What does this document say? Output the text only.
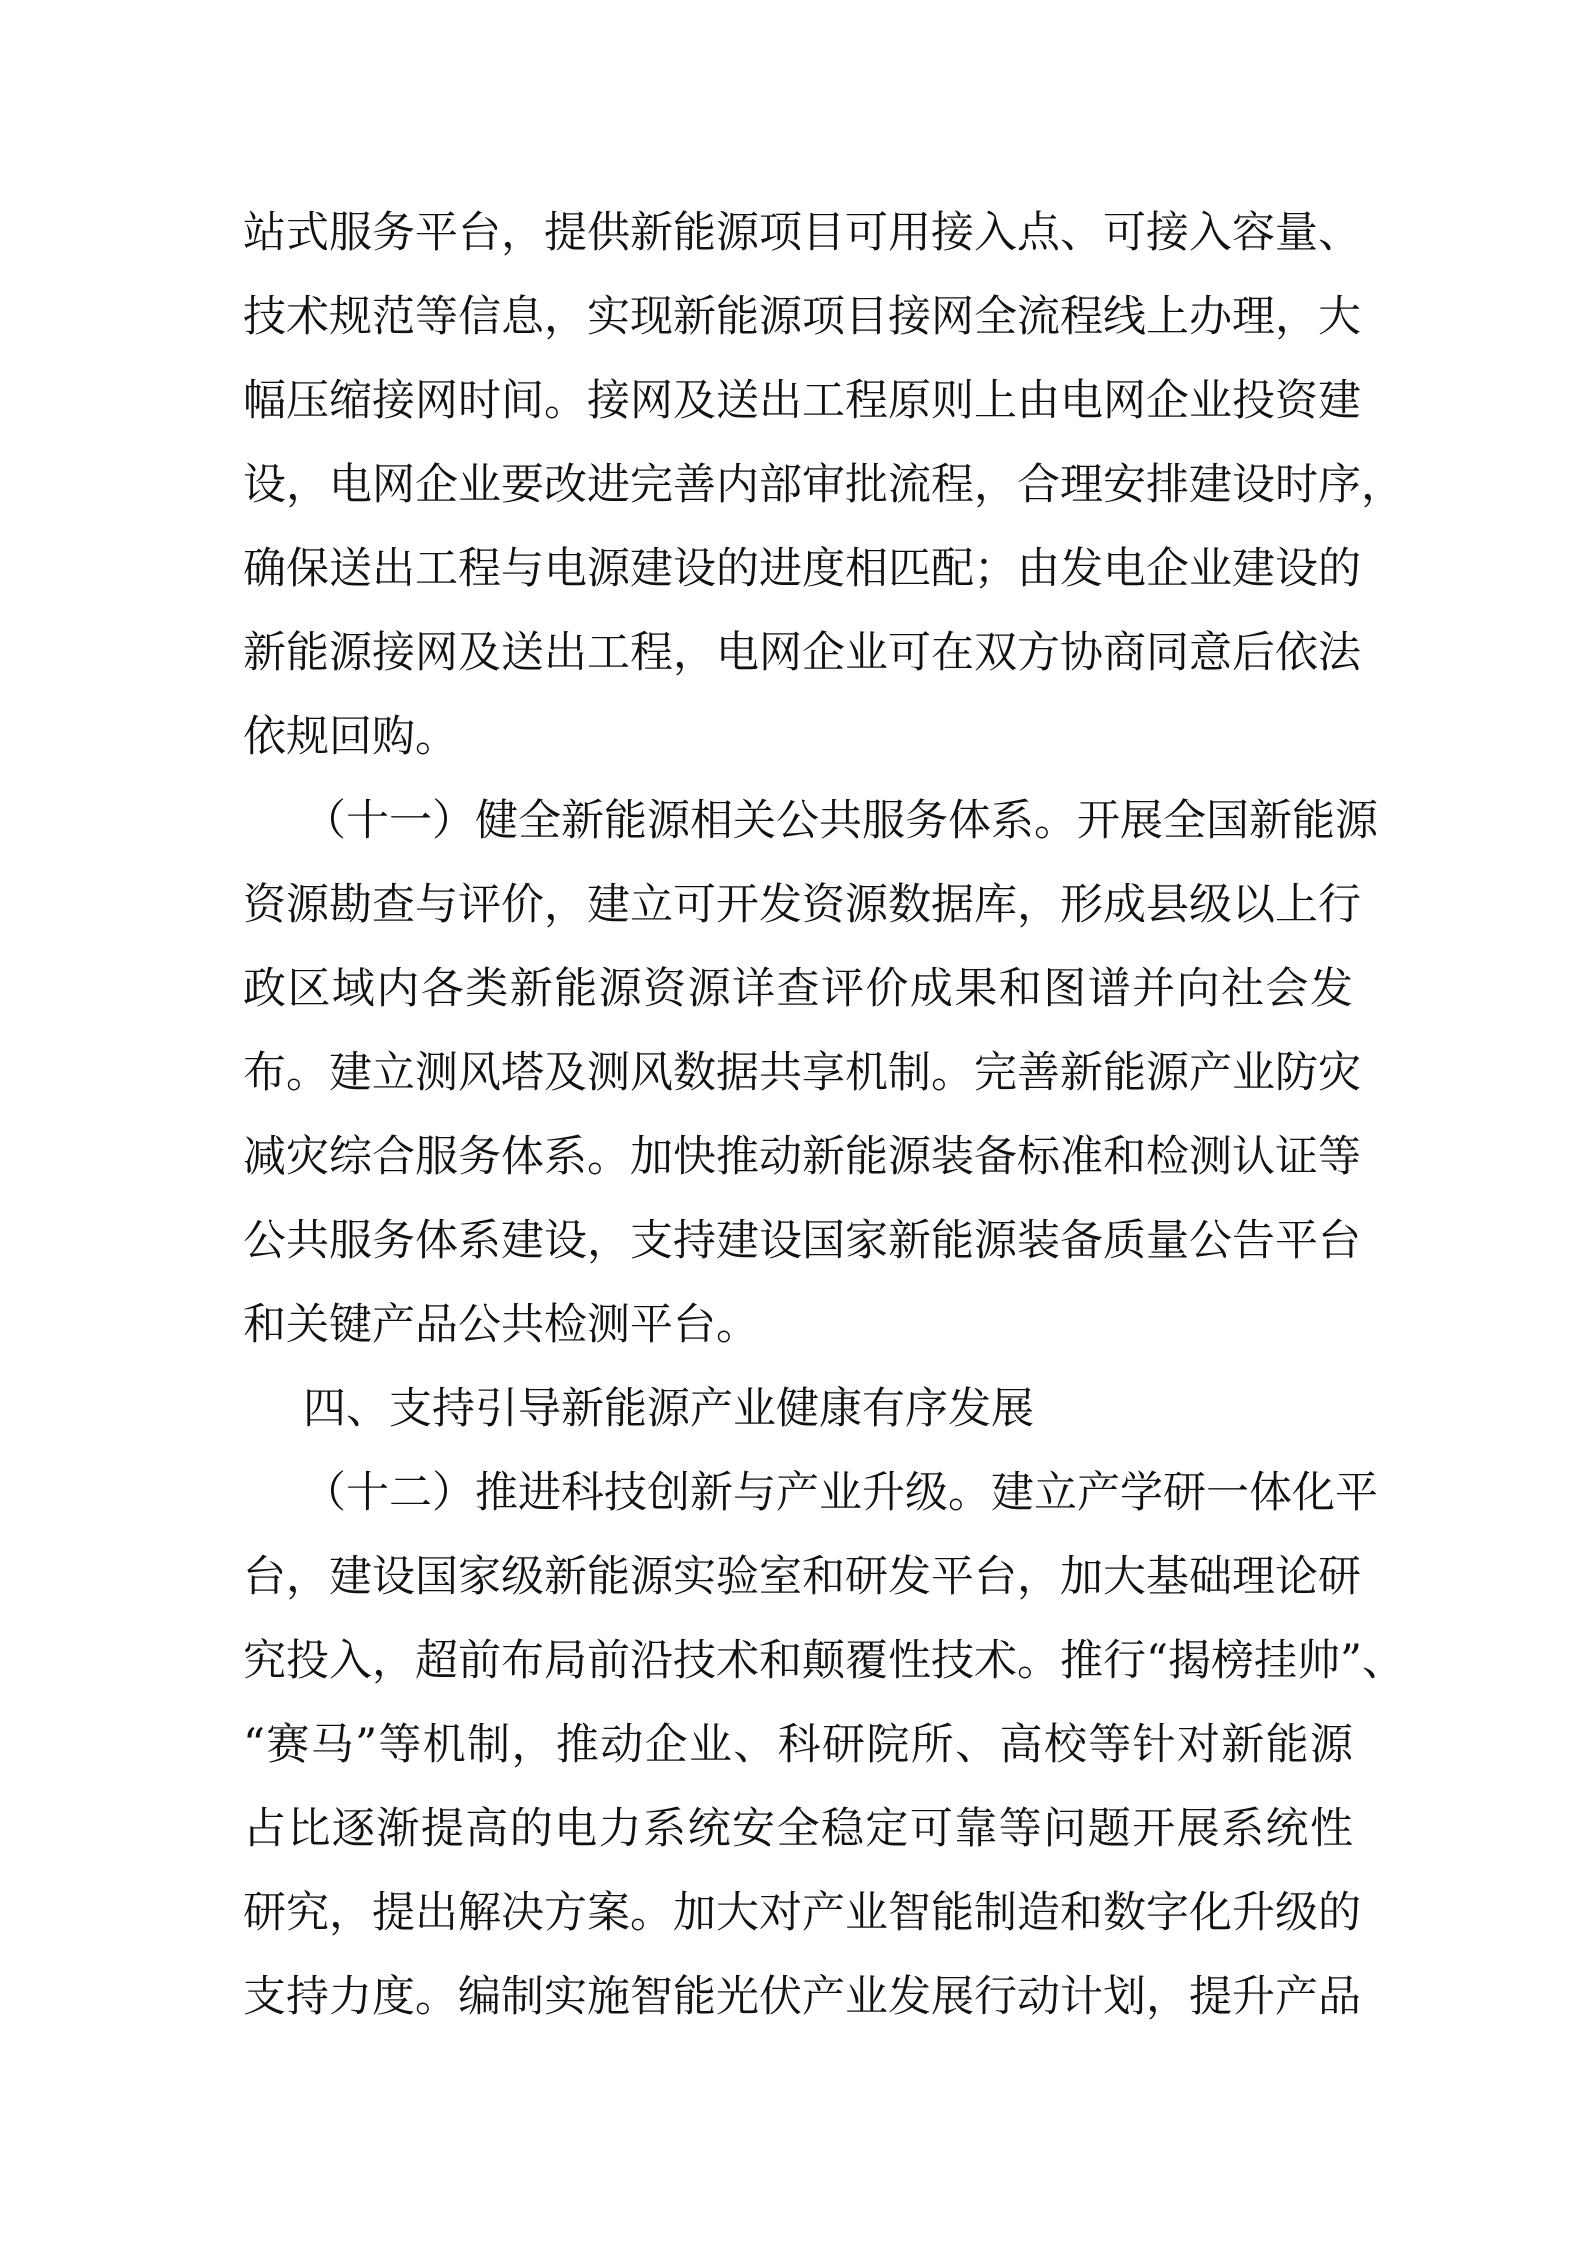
站式服务平台，提供新能源项目可用接入点、可接入容量、
技术规范等信息，实现新能源项目接网全流程线上办理，大
幅压缩接网时间。接网及送出工程原则上由电网企业投资建
设，电网企业要改进完善内部审批流程，合理安排建设时序，
确保送出工程与电源建设的进度相匹配；由发电企业建设的
新能源接网及送出工程，电网企业可在双方协商同意后依法
依规回购。
（十一）健全新能源相关公共服务体系。开展全国新能源
资源勘查与评价，建立可开发资源数据库，形成县级以上行
政区域内各类新能源资源详查评价成果和图谱并向社会发
布。建立测风塔及测风数据共享机制。完善新能源产业防灾
减灾综合服务体系。加快推动新能源装备标准和检测认证等
公共服务体系建设，支持建设国家新能源装备质量公告平台
和关键产品公共检测平台。
四、支持引导新能源产业健康有序发展
（十二）推进科技创新与产业升级。建立产学研一体化平
台，建设国家级新能源实验室和研发平台，加大基础理论研
究投入，超前布局前沿技术和颠覆性技术。推行“揭榜挂帅”、
“赛马”等机制，推动企业、科研院所、高校等针对新能源
占比逐渐提高的电力系统安全稳定可靠等问题开展系统性
研究，提出解决方案。加大对产业智能制造和数字化升级的
支持力度。编制实施智能光伏产业发展行动计划，提升产品
